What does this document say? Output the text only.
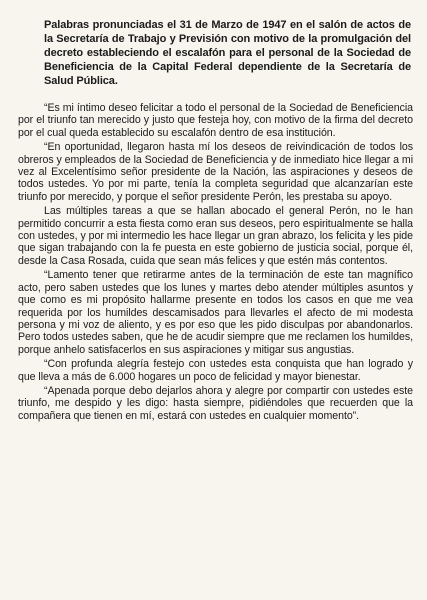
Palabras pronunciadas el 31 de Marzo de 1947 en el salón de actos de la Secretaría de Trabajo y Previsión con motivo de la promulgación del decreto estableciendo el escalafón para el personal de la Sociedad de Beneficiencia de la Capital Federal dependiente de la Secretaría de Salud Pública.

“Es mi íntimo deseo felicitar a todo el personal de la Sociedad de Beneficiencia por el triunfo tan merecido y justo que festeja hoy, con motivo de la firma del decreto por el cual queda establecido su escalafón dentro de esa institución.

“En oportunidad, llegaron hasta mí los deseos de reivindicación de todos los obreros y empleados de la Sociedad de Beneficiencia y de inmediato hice llegar a mi vez al Excelentísimo señor presidente de la Nación, las aspiraciones y deseos de todos ustedes. Yo por mi parte, tenía la completa seguridad que alcanzarían este triunfo por merecido, y porque el señor presidente Perón, les prestaba su apoyo.

Las múltiples tareas a que se hallan abocado el general Perón, no le han permitido concurrir a esta fiesta como eran sus deseos, pero espiritualmente se halla con ustedes, y por mi intermedio les hace llegar un gran abrazo, los felicita y les pide que sigan trabajando con la fe puesta en este gobierno de justicia social, porque él, desde la Casa Rosada, cuida que sean más felices y que estén más contentos.

“Lamento tener que retirarme antes de la terminación de este tan magnífico acto, pero saben ustedes que los lunes y martes debo atender múltiples asuntos y que como es mi propósito hallarme presente en todos los casos en que me vea requerida por los humildes descamisados para llevarles el afecto de mi modesta persona y mi voz de aliento, y es por eso que les pido disculpas por abandonarlos. Pero todos ustedes saben, que he de acudir siempre que me reclamen los humildes, porque anhelo satisfacerlos en sus aspiraciones y mitigar sus angustias.

“Con profunda alegría festejo con ustedes esta conquista que han logrado y que lleva a más de 6.000 hogares un poco de felicidad y mayor bienestar.

“Apenada porque debo dejarlos ahora y alegre por compartir con ustedes este triunfo, me despido y les digo: hasta siempre, pidiéndoles que recuerden que la compañera que tienen en mí, estará con ustedes en cualquier momento”.
